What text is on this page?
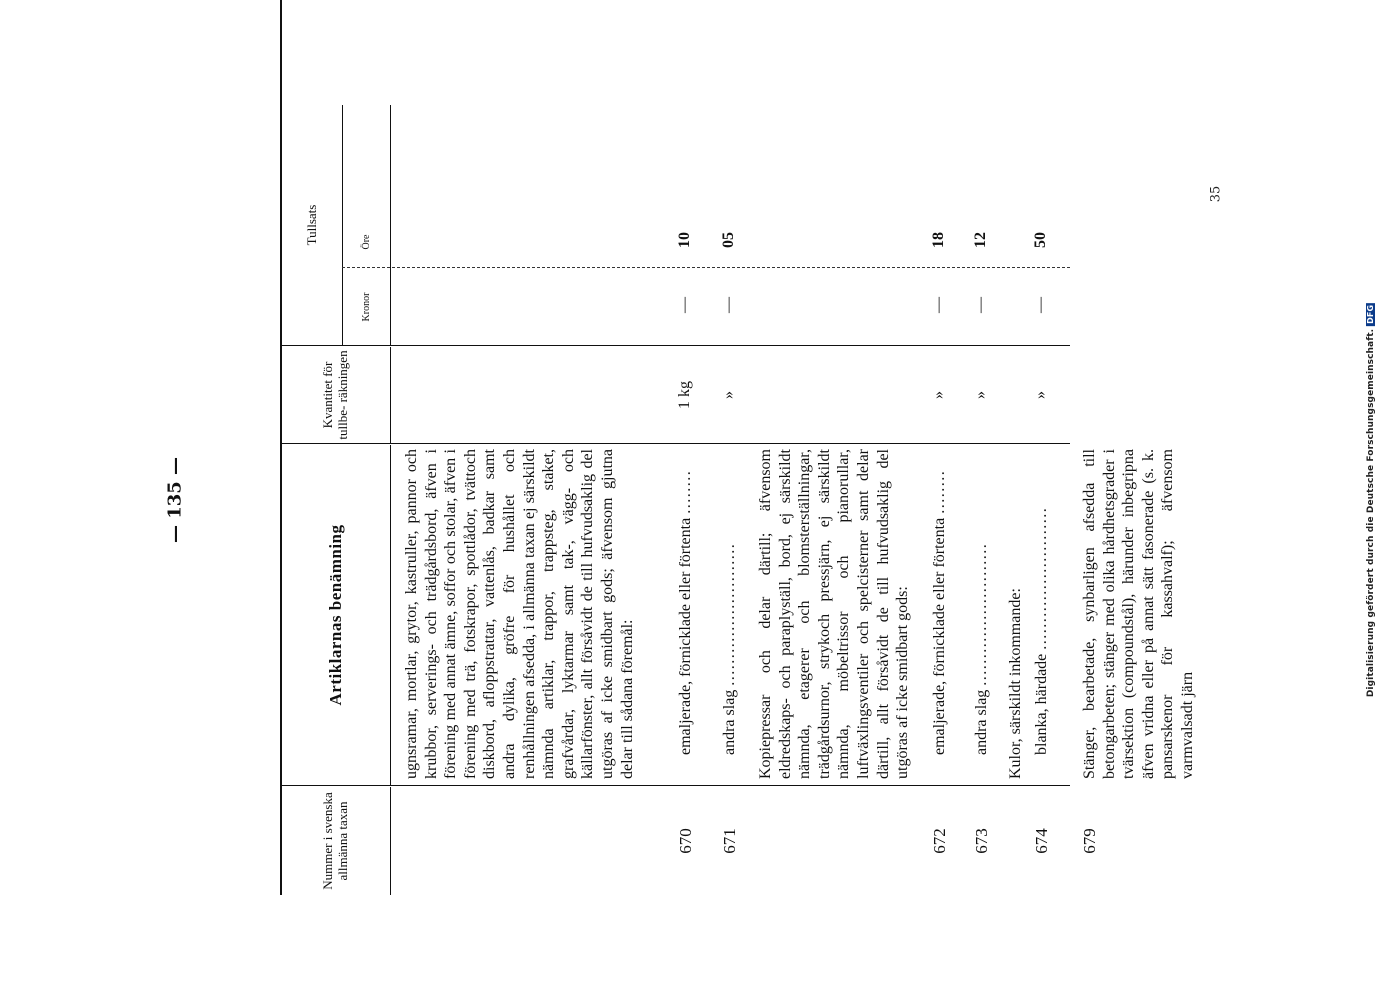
— 135 —
35
Digitalisierung gefördert durch die Deutsche Forschungsgemeinschaft.DFG
Nummer i svenska allmänna taxan
Artiklarnas benämning
Kvantitet för tullbe- räkningen
Tullsats
Kronor
Öre
ugnsramar, mortlar, grytor, kastruller, pannor och krubbor, serverings- och trädgårdsbord, äfven i förening med annat ämne, soffor och stolar, äfven i förening med trä, fotskrapor, spottlådor, tvättoch diskbord, afloppstrattar, vattenlås, badkar samt andra dylika, gröfre för hushållet och renhållningen afsedda, i allmänna taxan ej särskildt nämnda artiklar, trappor, trappsteg, staket, grafvårdar, lyktarmar samt tak-, vägg- och källarfönster, allt försåvidt de till hufvudsaklig del utgöras af icke smidbart gods; äfvensom gjutna delar till sådana föremål:
670
emaljerade, förnicklade eller förtenta ........
1 kg
—
10
671
andra slag ..........................
»
—
05
Kopiepressar och delar därtill; äfvensom eldredskaps- och paraplyställ, bord, ej särskildt nämnda, etagerer och blomsterställningar, trädgårdsurnor, strykoch pressjärn, ej särskildt nämnda, möbeltrissor och pianorullar, luftväxlingsventiler och spelcisterner samt delar därtill, allt försåvidt de till hufvudsaklig del utgöras af icke smidbart gods:
672
emaljerade, förnicklade eller förtenta ........
»
—
18
673
andra slag ..........................
»
—
12
Kulor, särskildt inkommande:
674
blanka, härdade ..........................
»
—
50
679
Stänger, bearbetade, synbarligen afsedda till betongarbeten; stänger med olika hårdhetsgrader i tvärsektion (compoundstål), härunder inbegripna äfven vridna eller på annat sätt fasonerade (s. k. pansarskenor för kassahvalf); äfvensom varmvalsadt järn
